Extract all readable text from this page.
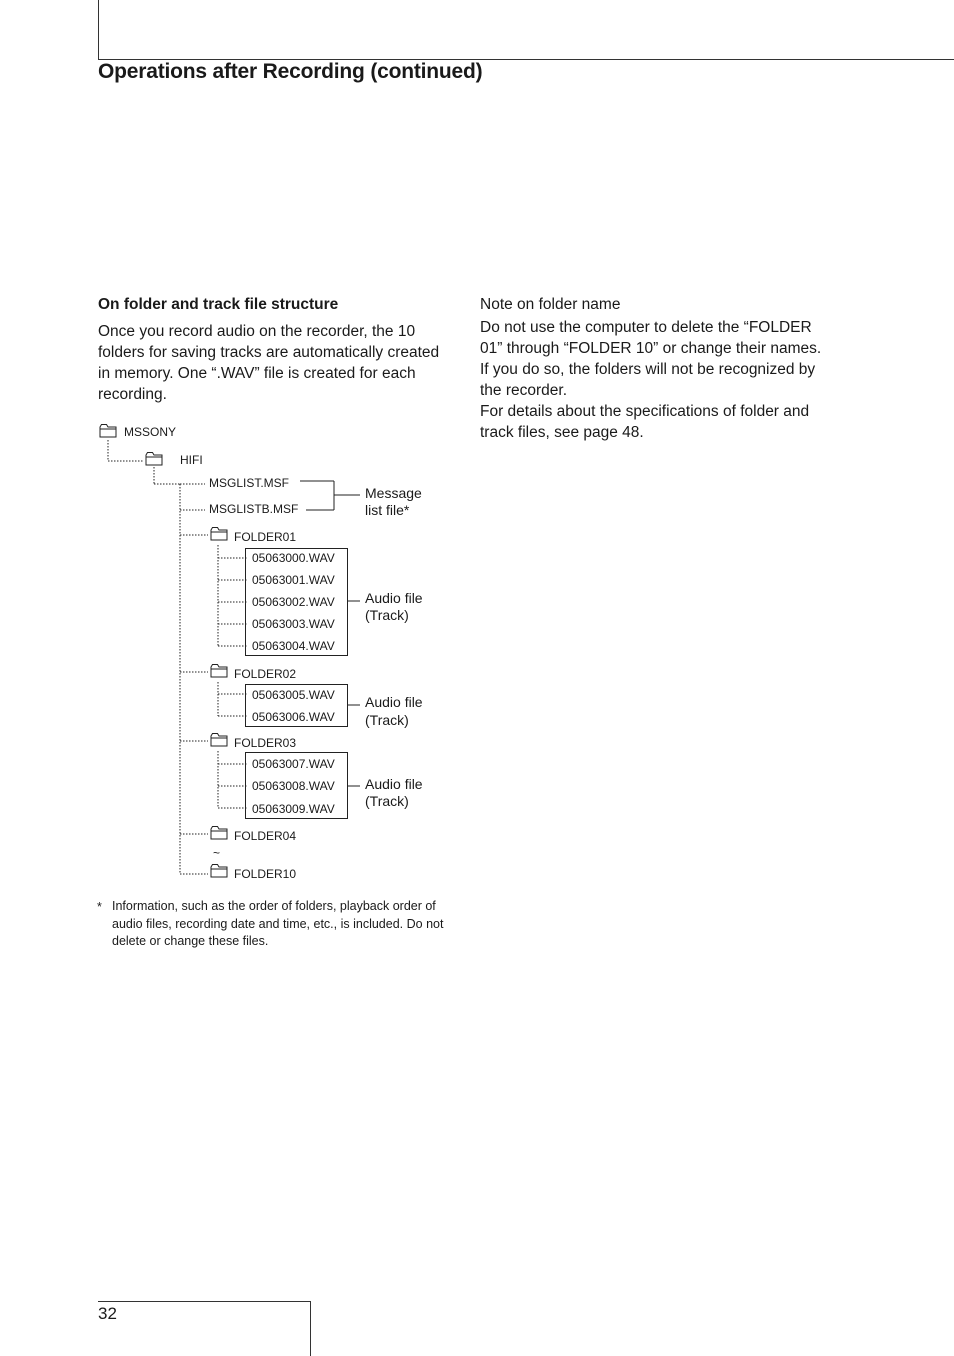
Operations after Recording (continued)
On folder and track file structure
Once you record audio on the recorder, the 10 folders for saving tracks are automatically created in memory. One “.WAV” file is created for each recording.
Note on folder name
Do not use the computer to delete the “FOLDER 01” through “FOLDER 10” or change their names. If you do so, the folders will not be recognized by the recorder.
For details about the specifications of folder and track files, see page 48.
MSSONY
HIFI
MSGLIST.MSF
MSGLISTB.MSF
FOLDER01
FOLDER02
FOLDER03
FOLDER04
~
FOLDER10
05063000.WAV
05063001.WAV
05063002.WAV
05063003.WAV
05063004.WAV
05063005.WAV
05063006.WAV
05063007.WAV
05063008.WAV
05063009.WAV
Message
list file*
Audio file
(Track)
Audio file
(Track)
Audio file
(Track)
* Information, such as the order of folders, playback order of audio files, recording date and time, etc., is included. Do not delete or change these files.
32
